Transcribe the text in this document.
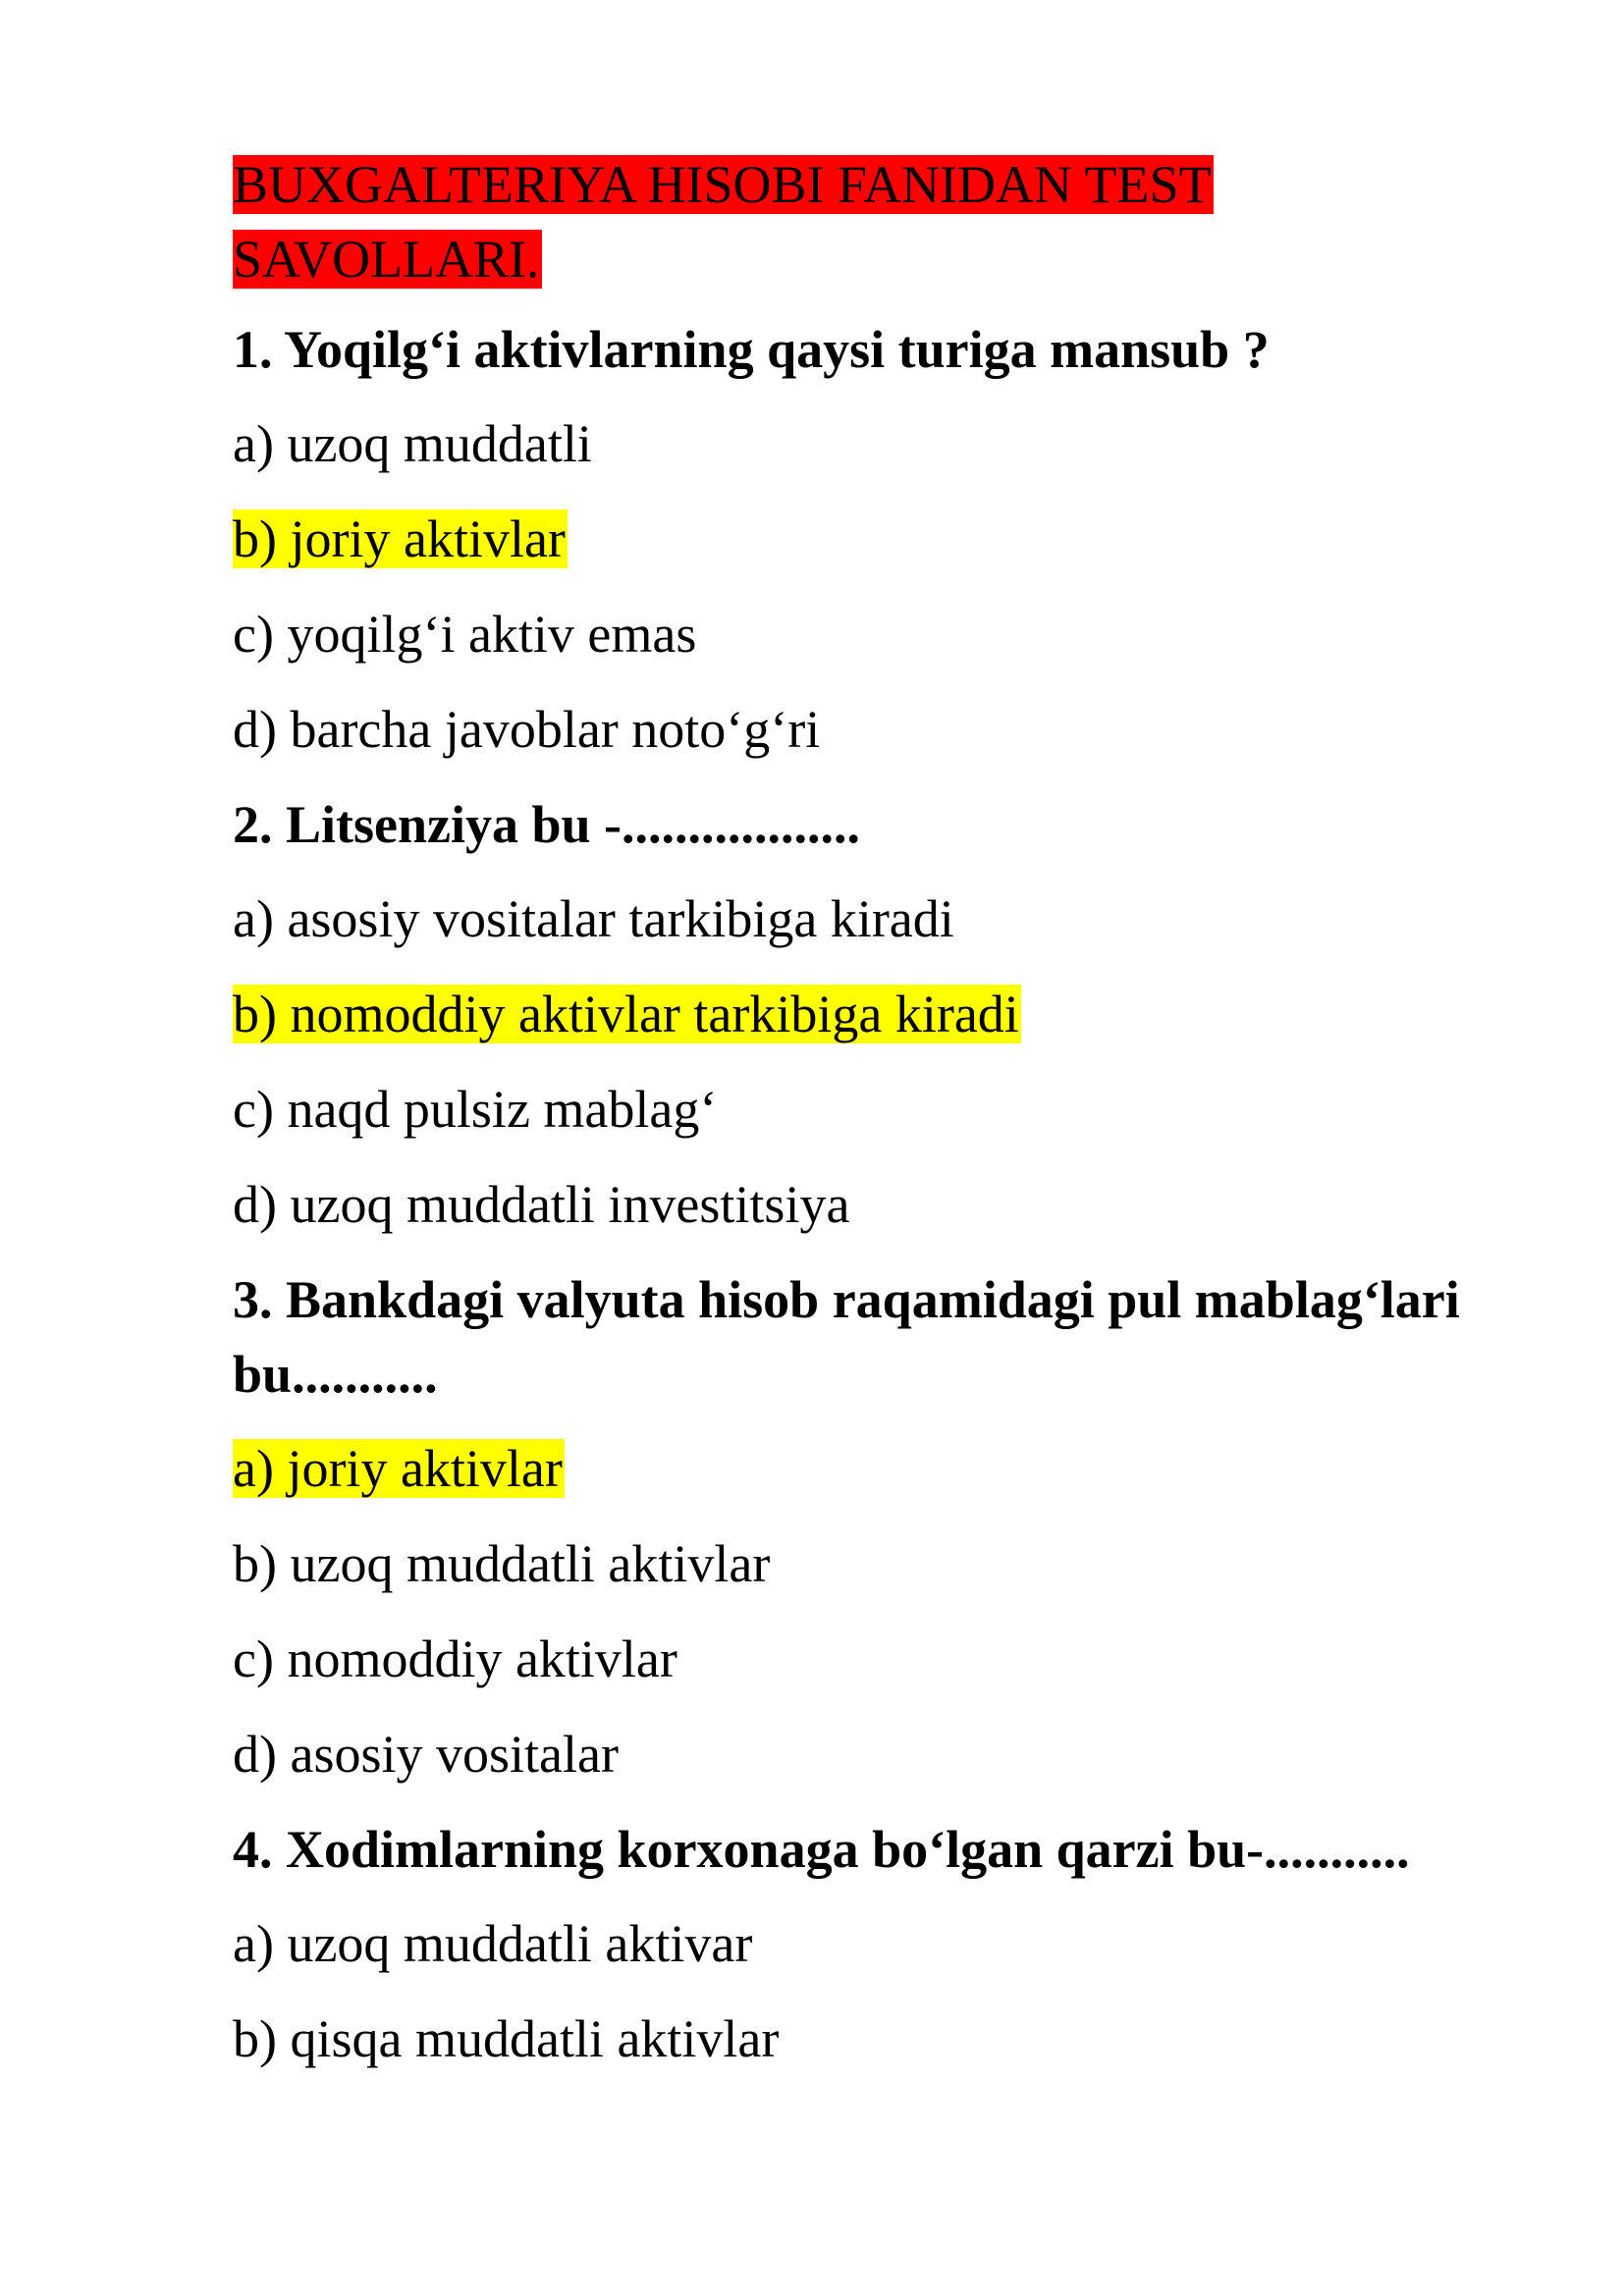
BUXGALTERIYA HISOBI FANIDAN TEST
SAVOLLARI.
1. Yoqilg‘i aktivlarning qaysi turiga mansub ?
a) uzoq muddatli
b) joriy aktivlar
c) yoqilg‘i aktiv emas
d) barcha javoblar noto‘g‘ri
2. Litsenziya bu -..................
a) asosiy vositalar tarkibiga kiradi
b) nomoddiy aktivlar tarkibiga kiradi
c) naqd pulsiz mablag‘
d) uzoq muddatli investitsiya
3. Bankdagi valyuta hisob raqamidagi pul mablag‘lari
bu...........
a) joriy aktivlar
b) uzoq muddatli aktivlar
c) nomoddiy aktivlar
d) asosiy vositalar
4. Xodimlarning korxonaga bo‘lgan qarzi bu-...........
a) uzoq muddatli aktivar
b) qisqa muddatli aktivlar
